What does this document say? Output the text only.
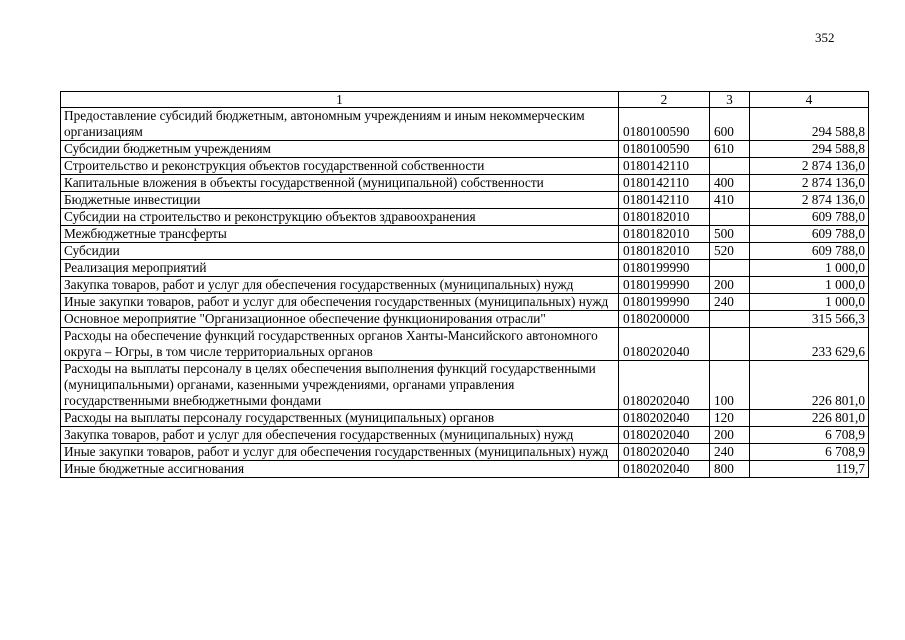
352
1	2	3	4
Предоставление субсидий бюджетным, автономным учреждениям и иным некоммерческим организациям	0180100590	600	294 588,8
Субсидии бюджетным учреждениям	0180100590	610	294 588,8
Строительство и реконструкция объектов государственной собственности	0180142110		2 874 136,0
Капитальные вложения в объекты государственной (муниципальной) собственности	0180142110	400	2 874 136,0
Бюджетные инвестиции	0180142110	410	2 874 136,0
Субсидии на строительство и реконструкцию объектов здравоохранения	0180182010		609 788,0
Межбюджетные трансферты	0180182010	500	609 788,0
Субсидии	0180182010	520	609 788,0
Реализация мероприятий	0180199990		1 000,0
Закупка товаров, работ и услуг для обеспечения государственных (муниципальных) нужд	0180199990	200	1 000,0
Иные закупки товаров, работ и услуг для обеспечения государственных (муниципальных) нужд	0180199990	240	1 000,0
Основное мероприятие "Организационное обеспечение функционирования отрасли"	0180200000		315 566,3
Расходы на обеспечение функций государственных органов Ханты-Мансийского автономного округа – Югры, в том числе территориальных органов	0180202040		233 629,6
Расходы на выплаты персоналу в целях обеспечения выполнения функций государственными (муниципальными) органами, казенными учреждениями, органами управления государственными внебюджетными фондами	0180202040	100	226 801,0
Расходы на выплаты персоналу государственных (муниципальных) органов	0180202040	120	226 801,0
Закупка товаров, работ и услуг для обеспечения государственных (муниципальных) нужд	0180202040	200	6 708,9
Иные закупки товаров, работ и услуг для обеспечения государственных (муниципальных) нужд	0180202040	240	6 708,9
Иные бюджетные ассигнования	0180202040	800	119,7
